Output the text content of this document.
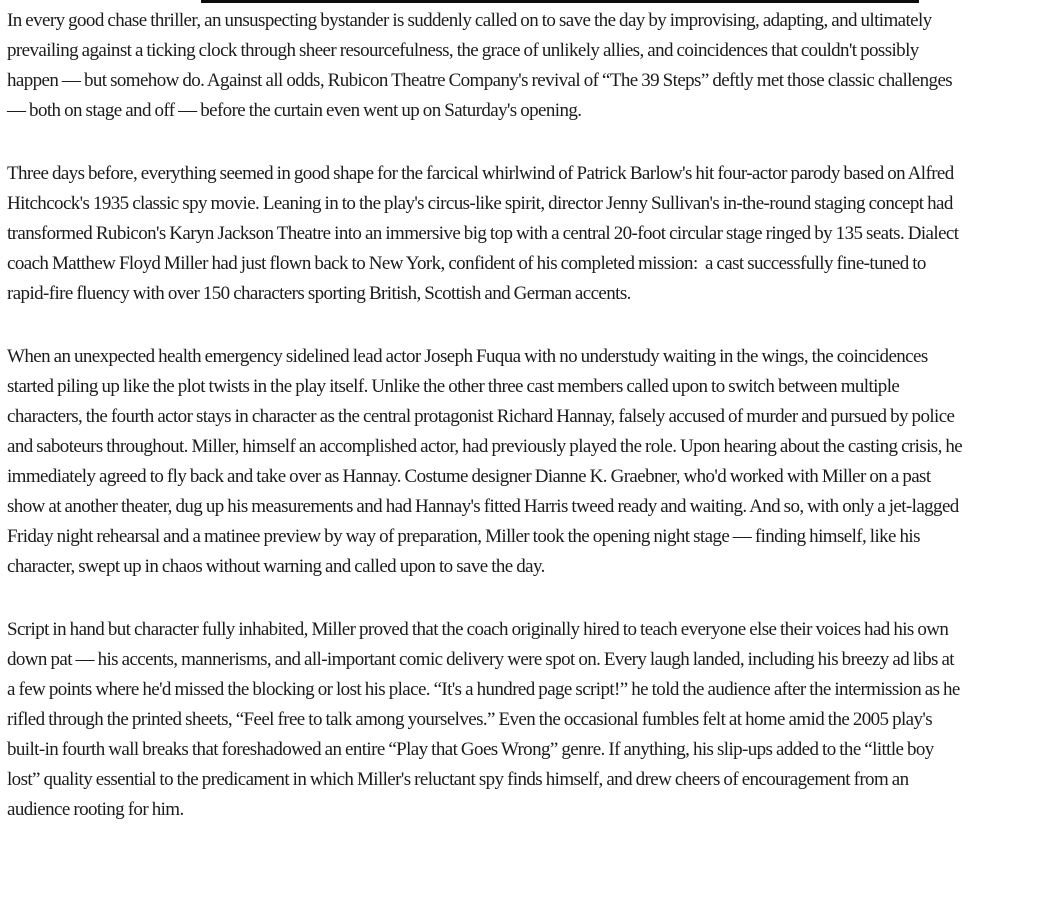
In every good chase thriller, an unsuspecting bystander is suddenly called on to save the day by improvising, adapting, and ultimately prevailing against a ticking clock through sheer resourcefulness, the grace of unlikely allies, and coincidences that couldn't possibly happen — but somehow do. Against all odds, Rubicon Theatre Company's revival of “The 39 Steps” deftly met those classic challenges — both on stage and off — before the curtain even went up on Saturday's opening.

Three days before, everything seemed in good shape for the farcical whirlwind of Patrick Barlow's hit four-actor parody based on Alfred Hitchcock's 1935 classic spy movie. Leaning in to the play's circus-like spirit, director Jenny Sullivan's in-the-round staging concept had transformed Rubicon's Karyn Jackson Theatre into an immersive big top with a central 20-foot circular stage ringed by 135 seats. Dialect coach Matthew Floyd Miller had just flown back to New York, confident of his completed mission:  a cast successfully fine-tuned to rapid-fire fluency with over 150 characters sporting British, Scottish and German accents.

When an unexpected health emergency sidelined lead actor Joseph Fuqua with no understudy waiting in the wings, the coincidences started piling up like the plot twists in the play itself. Unlike the other three cast members called upon to switch between multiple characters, the fourth actor stays in character as the central protagonist Richard Hannay, falsely accused of murder and pursued by police and saboteurs throughout. Miller, himself an accomplished actor, had previously played the role. Upon hearing about the casting crisis, he immediately agreed to fly back and take over as Hannay. Costume designer Dianne K. Graebner, who'd worked with Miller on a past show at another theater, dug up his measurements and had Hannay's fitted Harris tweed ready and waiting. And so, with only a jet-lagged Friday night rehearsal and a matinee preview by way of preparation, Miller took the opening night stage — finding himself, like his character, swept up in chaos without warning and called upon to save the day.

Script in hand but character fully inhabited, Miller proved that the coach originally hired to teach everyone else their voices had his own down pat — his accents, mannerisms, and all-important comic delivery were spot on. Every laugh landed, including his breezy ad libs at a few points where he'd missed the blocking or lost his place. “It's a hundred page script!” he told the audience after the intermission as he rifled through the printed sheets, “Feel free to talk among yourselves.” Even the occasional fumbles felt at home amid the 2005 play's built-in fourth wall breaks that foreshadowed an entire “Play that Goes Wrong” genre. If anything, his slip-ups added to the “little boy lost” quality essential to the predicament in which Miller's reluctant spy finds himself, and drew cheers of encouragement from an audience rooting for him.
